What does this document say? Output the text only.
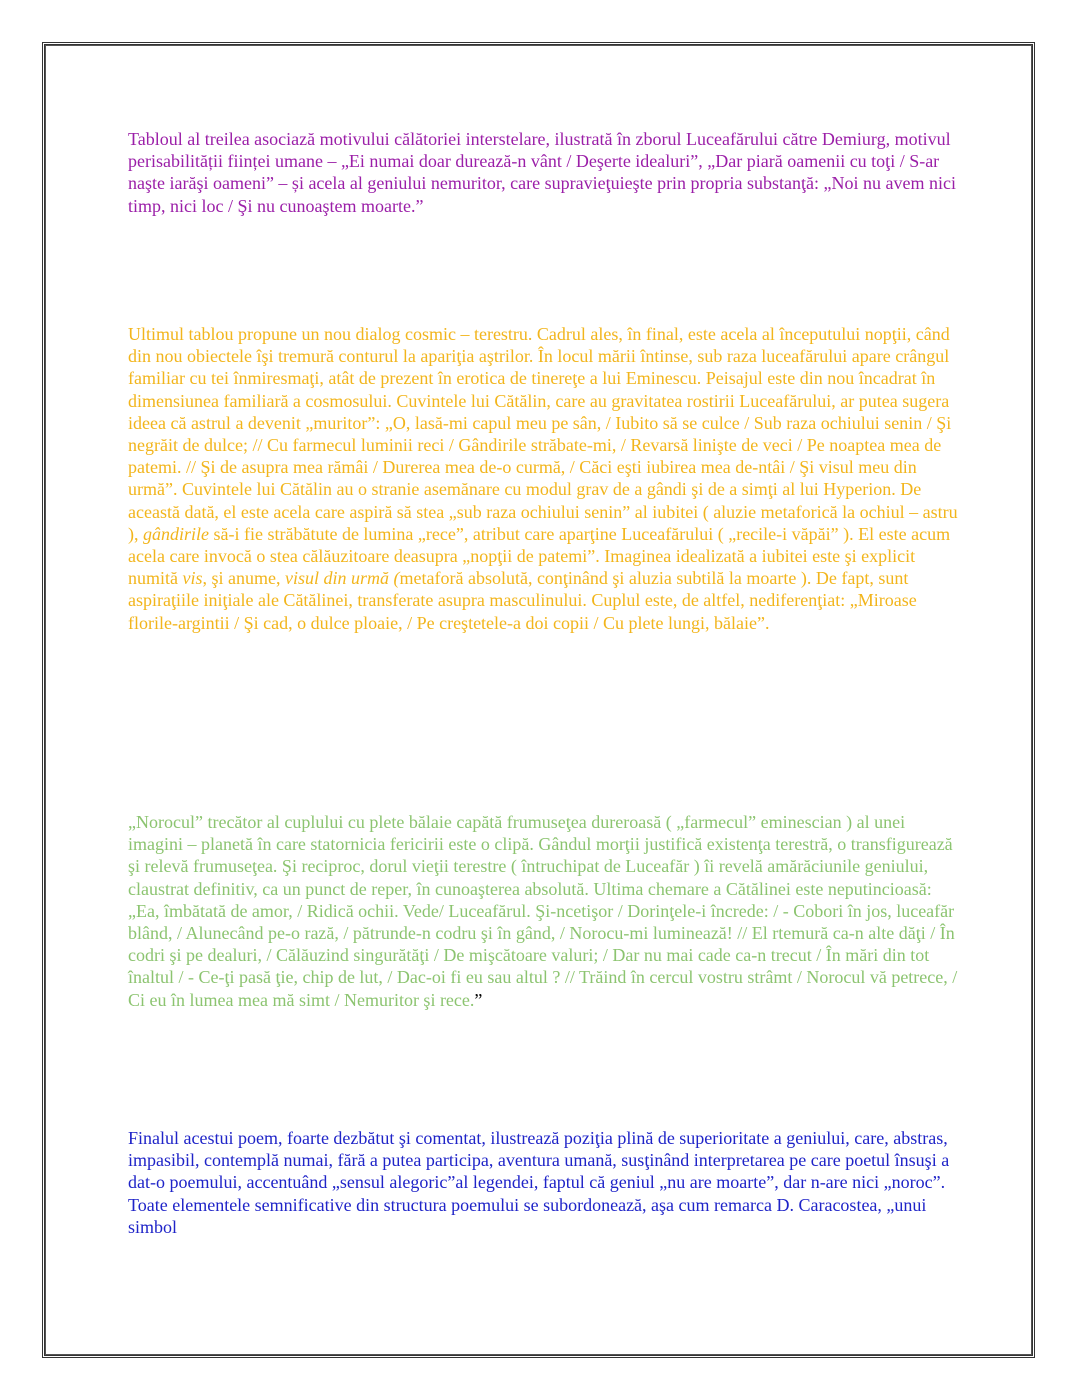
Tabloul al treilea asociază motivului călătoriei interstelare, ilustrată în zborul Luceafărului către Demiurg, motivul perisabilității ființei umane – „Ei numai doar durează-n vânt / Deşerte idealuri”, „Dar piară oamenii cu toţi / S-ar naşte iarăşi oameni” – și acela al geniului nemuritor, care supravieţuieşte prin propria substanţă: „Noi nu avem nici timp, nici loc / Şi nu cunoaştem moarte.”

Ultimul tablou propune un nou dialog cosmic – terestru. Cadrul ales, în final, este acela al începutului nopţii, când din nou obiectele îşi tremură conturul la apariţia aştrilor. În locul mării întinse, sub raza luceafărului apare crângul familiar cu tei înmiresmaţi, atât de prezent în erotica de tinereţe a lui Eminescu. Peisajul este din nou încadrat în dimensiunea familiară a cosmosului. Cuvintele lui Cătălin, care au gravitatea rostirii Luceafărului, ar putea sugera ideea că astrul a devenit „muritor”: „O, lasă-mi capul meu pe sân, / Iubito să se culce / Sub raza ochiului senin / Şi negrăit de dulce; // Cu farmecul luminii reci / Gândirile străbate-mi, / Revarsă linişte de veci / Pe noaptea mea de patemi. // Şi de asupra mea rămâi / Durerea mea de-o curmă, / Căci eşti iubirea mea de-ntâi / Şi visul meu din urmă”. Cuvintele lui Cătălin au o stranie asemănare cu modul grav de a gândi şi de a simţi al lui Hyperion. De această dată, el este acela care aspiră să stea „sub raza ochiului senin” al iubitei ( aluzie metaforică la ochiul – astru ), gândirile să-i fie străbătute de lumina „rece”, atribut care aparţine Luceafărului ( „recile-i văpăi” ). El este acum acela care invocă o stea călăuzitoare deasupra „nopţii de patemi”. Imaginea idealizată a iubitei este şi explicit numită vis, şi anume, visul din urmă (metaforă absolută, conţinând şi aluzia subtilă la moarte ). De fapt, sunt aspiraţiile iniţiale ale Cătălinei, transferate asupra masculinului. Cuplul este, de altfel, nediferenţiat: „Miroase florile-argintii / Şi cad, o dulce ploaie, / Pe creştetele-a doi copii / Cu plete lungi, bălaie”.

„Norocul” trecător al cuplului cu plete bălaie capătă frumuseţea dureroasă ( „farmecul” eminescian ) al unei imagini – planetă în care statornicia fericirii este o clipă. Gândul morţii justifică existenţa terestră, o transfigurează şi relevă frumuseţea. Şi reciproc, dorul vieţii terestre ( întruchipat de Luceafăr ) îi revelă amărăciunile geniului, claustrat definitiv, ca un punct de reper, în cunoaşterea absolută. Ultima chemare a Cătălinei este neputincioasă: „Ea, îmbătată de amor, / Ridică ochii. Vede/ Luceafărul. Şi-ncetişor / Dorinţele-i încrede: / - Cobori în jos, luceafăr blând, / Alunecând pe-o rază, / pătrunde-n codru şi în gând, / Norocu-mi luminează! // El rtemură ca-n alte dăţi / În codri şi pe dealuri, / Călăuzind singurătăţi / De mişcătoare valuri; / Dar nu mai cade ca-n trecut / În mări din tot înaltul / - Ce-ţi pasă ţie, chip de lut, / Dac-oi fi eu sau altul ? // Trăind în cercul vostru strâmt / Norocul vă petrece, / Ci eu în lumea mea mă simt / Nemuritor şi rece.”

Finalul acestui poem, foarte dezbătut şi comentat, ilustrează poziţia plină de superioritate a geniului, care, abstras, impasibil, contemplă numai, fără a putea participa, aventura umană, susţinând interpretarea pe care poetul însuşi a dat-o poemului, accentuând „sensul alegoric”al legendei, faptul că geniul „nu are moarte”, dar n-are nici „noroc”. Toate elementele semnificative din structura poemului se subordonează, aşa cum remarca D. Caracostea, „unui simbol
